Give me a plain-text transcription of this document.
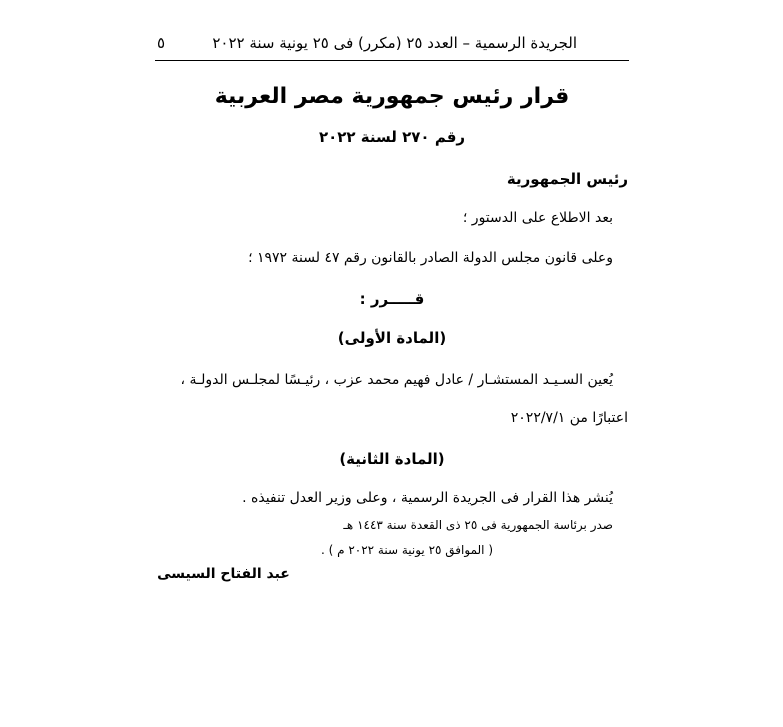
الجريدة الرسمية – العدد ٢٥ (مكرر) فى ٢٥ يونية سنة ٢٠٢٢
٥
قرار رئيس جمهورية مصر العربية
رقم ٢٧٠ لسنة ٢٠٢٢
رئيس الجمهورية
بعد الاطلاع على الدستور ؛
وعلى قانون مجلس الدولة الصادر بالقانون رقم ٤٧ لسنة ١٩٧٢ ؛
قـــــرر :
(المادة الأولى)
يُعين السـيـد المستشـار / عادل فهيم محمد عزب ، رئيـسًا لمجلـس الدولـة ،
اعتبارًا من ٢٠٢٢/٧/١
(المادة الثانية)
يُنشر هذا القرار فى الجريدة الرسمية ، وعلى وزير العدل تنفيذه .
صدر برئاسة الجمهورية فى ٢٥ ذى القعدة سنة ١٤٤٣ هـ
( الموافق ٢٥ يونية سنة ٢٠٢٢ م ) .
عبد الفتاح السيسى
